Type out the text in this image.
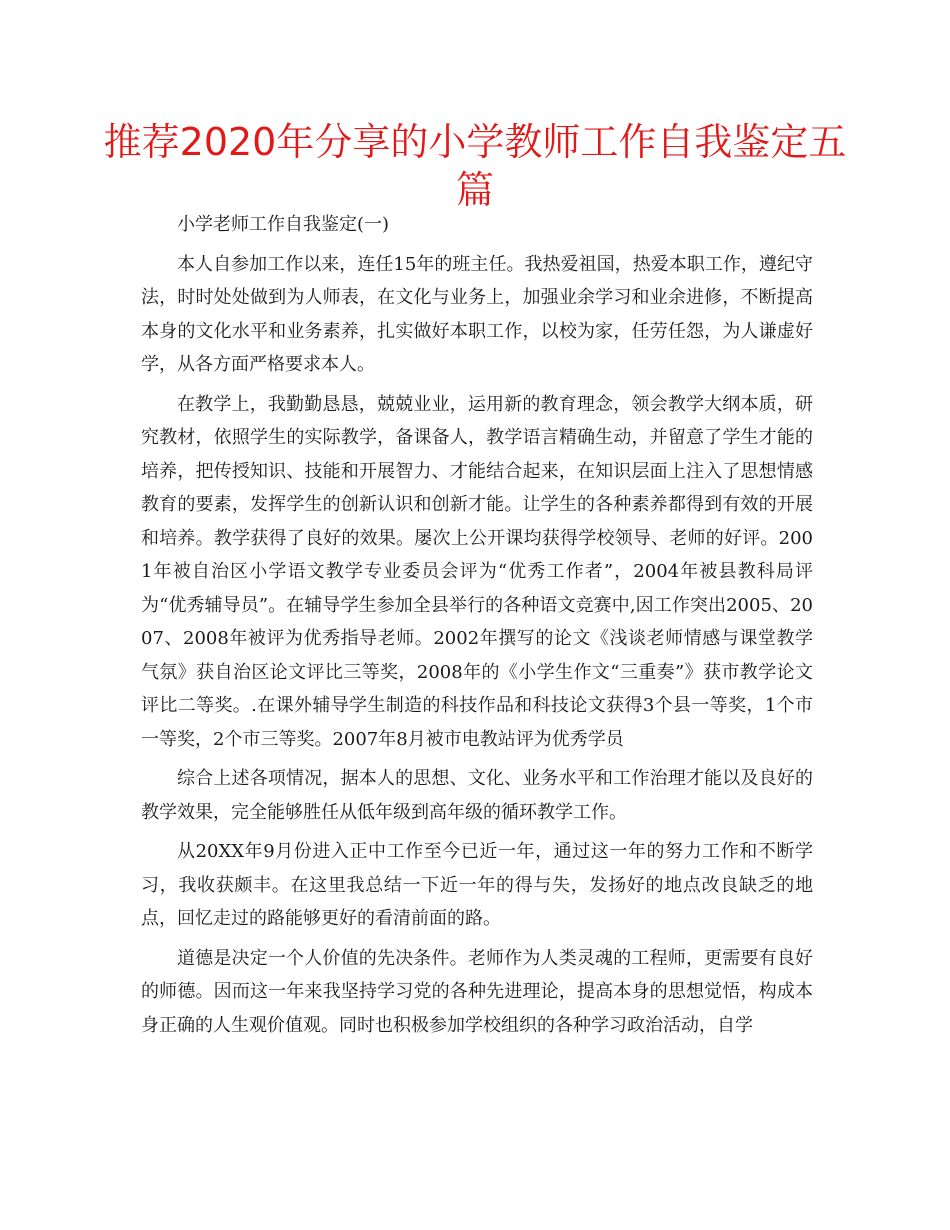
推荐2020年分享的小学教师工作自我鉴定五篇

小学老师工作自我鉴定(一)

本人自参加工作以来，连任15年的班主任。我热爱祖国，热爱本职工作，遵纪守法，时时处处做到为人师表，在文化与业务上，加强业余学习和业余进修，不断提高本身的文化水平和业务素养，扎实做好本职工作，以校为家，任劳任怨，为人谦虚好学，从各方面严格要求本人。

在教学上，我勤勤恳恳，兢兢业业，运用新的教育理念，领会教学大纲本质，研究教材，依照学生的实际教学，备课备人，教学语言精确生动，并留意了学生才能的培养，把传授知识、技能和开展智力、才能结合起来，在知识层面上注入了思想情感教育的要素，发挥学生的创新认识和创新才能。让学生的各种素养都得到有效的开展和培养。教学获得了良好的效果。屡次上公开课均获得学校领导、老师的好评。2001年被自治区小学语文教学专业委员会评为“优秀工作者”，2004年被县教科局评为“优秀辅导员”。在辅导学生参加全县举行的各种语文竞赛中,因工作突出2005、2007、2008年被评为优秀指导老师。2002年撰写的论文《浅谈老师情感与课堂教学气氛》获自治区论文评比三等奖，2008年的《小学生作文“三重奏”》获市教学论文评比二等奖。.在课外辅导学生制造的科技作品和科技论文获得3个县一等奖，1个市一等奖，2个市三等奖。2007年8月被市电教站评为优秀学员

综合上述各项情况，据本人的思想、文化、业务水平和工作治理才能以及良好的教学效果，完全能够胜任从低年级到高年级的循环教学工作。

从20XX年9月份进入正中工作至今已近一年，通过这一年的努力工作和不断学习，我收获颇丰。在这里我总结一下近一年的得与失，发扬好的地点改良缺乏的地点，回忆走过的路能够更好的看清前面的路。

道德是决定一个人价值的先决条件。老师作为人类灵魂的工程师，更需要有良好的师德。因而这一年来我坚持学习党的各种先进理论，提高本身的思想觉悟，构成本身正确的人生观价值观。同时也积极参加学校组织的各种学习政治活动，自学
